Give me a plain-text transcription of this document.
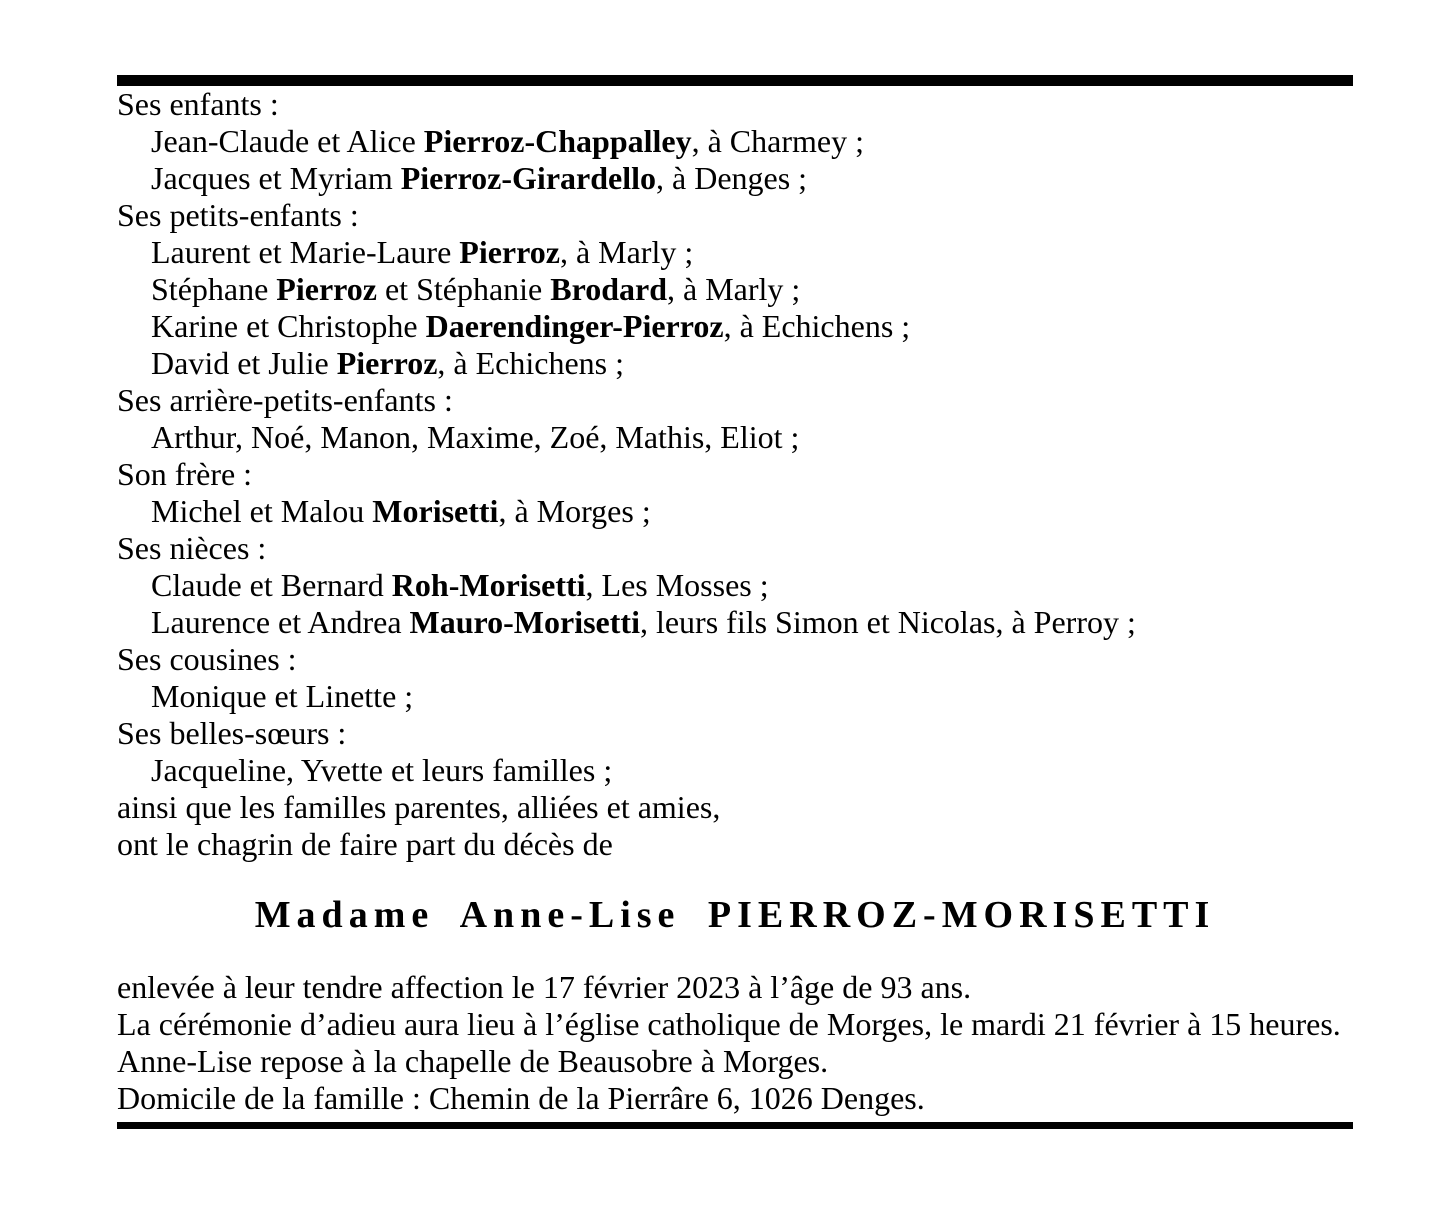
Ses enfants :
Jean-Claude et Alice Pierroz-Chappalley, à Charmey ;
Jacques et Myriam Pierroz-Girardello, à Denges ;
Ses petits-enfants :
Laurent et Marie-Laure Pierroz, à Marly ;
Stéphane Pierroz et Stéphanie Brodard, à Marly ;
Karine et Christophe Daerendinger-Pierroz, à Echichens ;
David et Julie Pierroz, à Echichens ;
Ses arrière-petits-enfants :
Arthur, Noé, Manon, Maxime, Zoé, Mathis, Eliot ;
Son frère :
Michel et Malou Morisetti, à Morges ;
Ses nièces :
Claude et Bernard Roh-Morisetti, Les Mosses ;
Laurence et Andrea Mauro-Morisetti, leurs fils Simon et Nicolas, à Perroy ;
Ses cousines :
Monique et Linette ;
Ses belles-sœurs :
Jacqueline, Yvette et leurs familles ;
ainsi que les familles parentes, alliées et amies,
ont le chagrin de faire part du décès de
Madame Anne-Lise PIERROZ-MORISETTI
enlevée à leur tendre affection le 17 février 2023 à l’âge de 93 ans.
La cérémonie d’adieu aura lieu à l’église catholique de Morges, le mardi 21 février à 15 heures.
Anne-Lise repose à la chapelle de Beausobre à Morges.
Domicile de la famille : Chemin de la Pierrâre 6, 1026 Denges.
